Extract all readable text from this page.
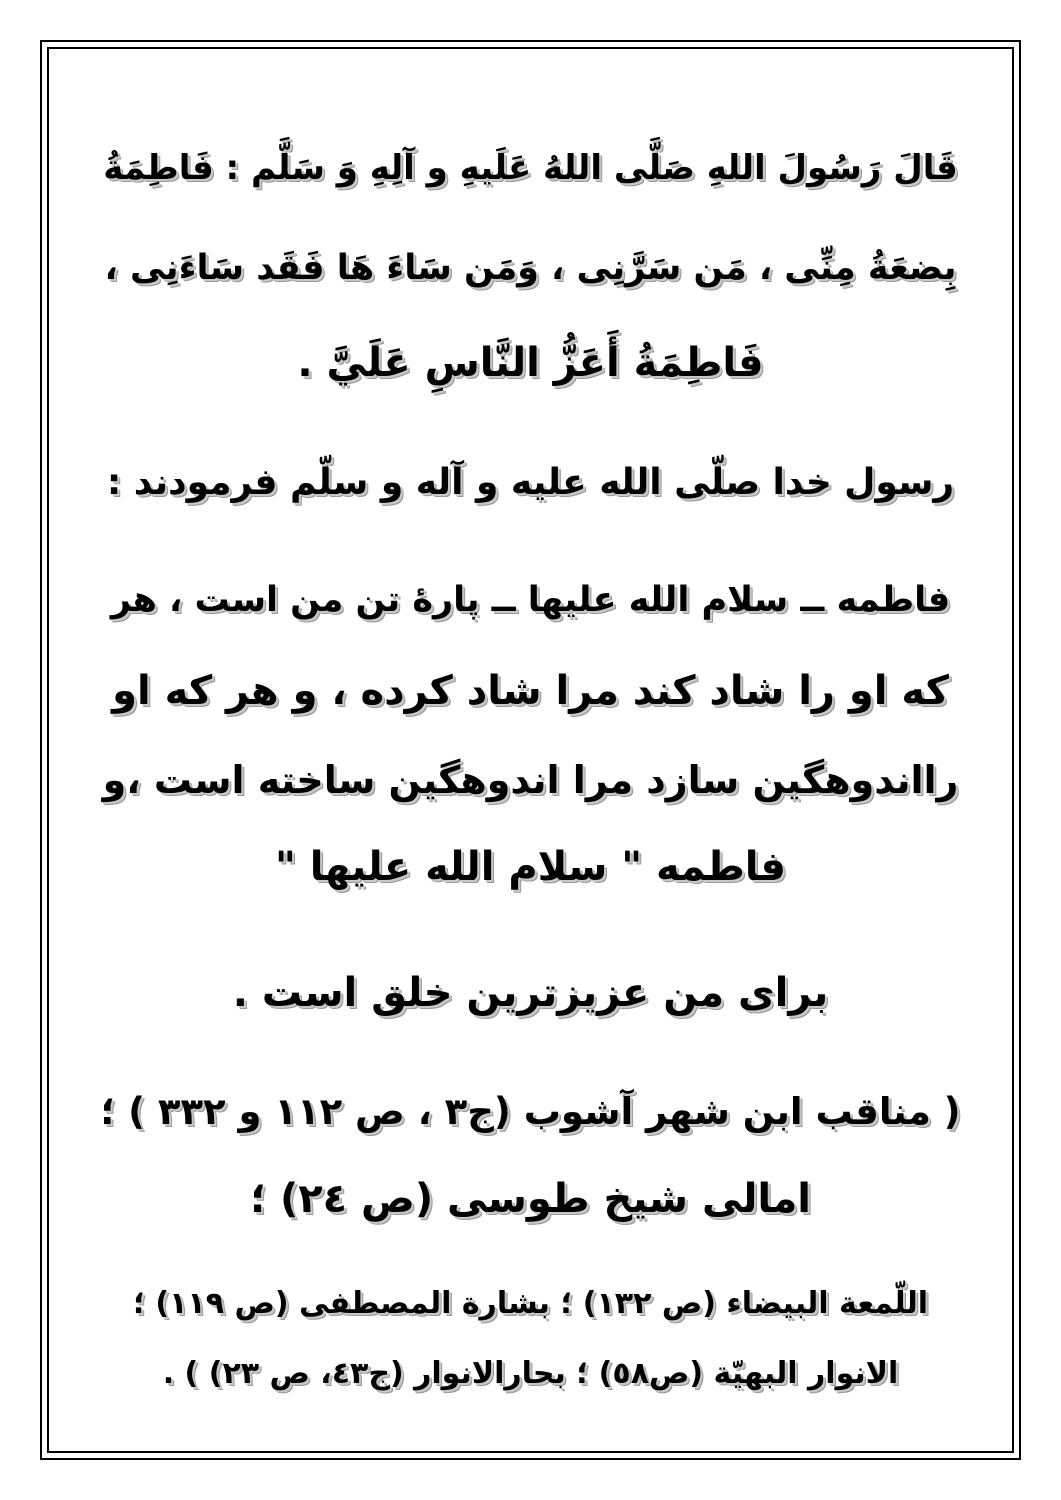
قَالَ رَسُولَ اللهِ صَلَّى اللهُ عَلَيهِ و آلِهِ وَ سَلَّم : فَاطِمَةُ
بِضعَةُ مِنِّى ، مَن سَرَّنِى ، وَمَن سَاءَ هَا فَقَد سَاءَنِى ،
فَاطِمَةُ أَعَزُّ النَّاسِ عَلَيَّ .
رسول خدا صلّى الله عليه و آله و سلّم فرمودند :
فاطمه ــ سلام الله عليها ــ پارۀ تن من است ، هر
كه او را شاد كند مرا شاد كرده ، و هر كه او
رااندوهگين سازد مرا اندوهگين ساخته است ،و
فاطمه " سلام الله عليها "
براى من عزيزترين خلق است .
( مناقب ابن شهر آشوب (ج٣ ، ص ١١٢ و ٣٣٢ ) ؛
امالى شيخ طوسى (ص ٢٤) ؛
اللّمعة البيضاء (ص ١٣٢) ؛ بشارة المصطفى (ص ١١٩) ؛
الانوار البهيّة (ص٥٨) ؛ بحارالانوار (ج٤٣، ص ٢٣) ) .
